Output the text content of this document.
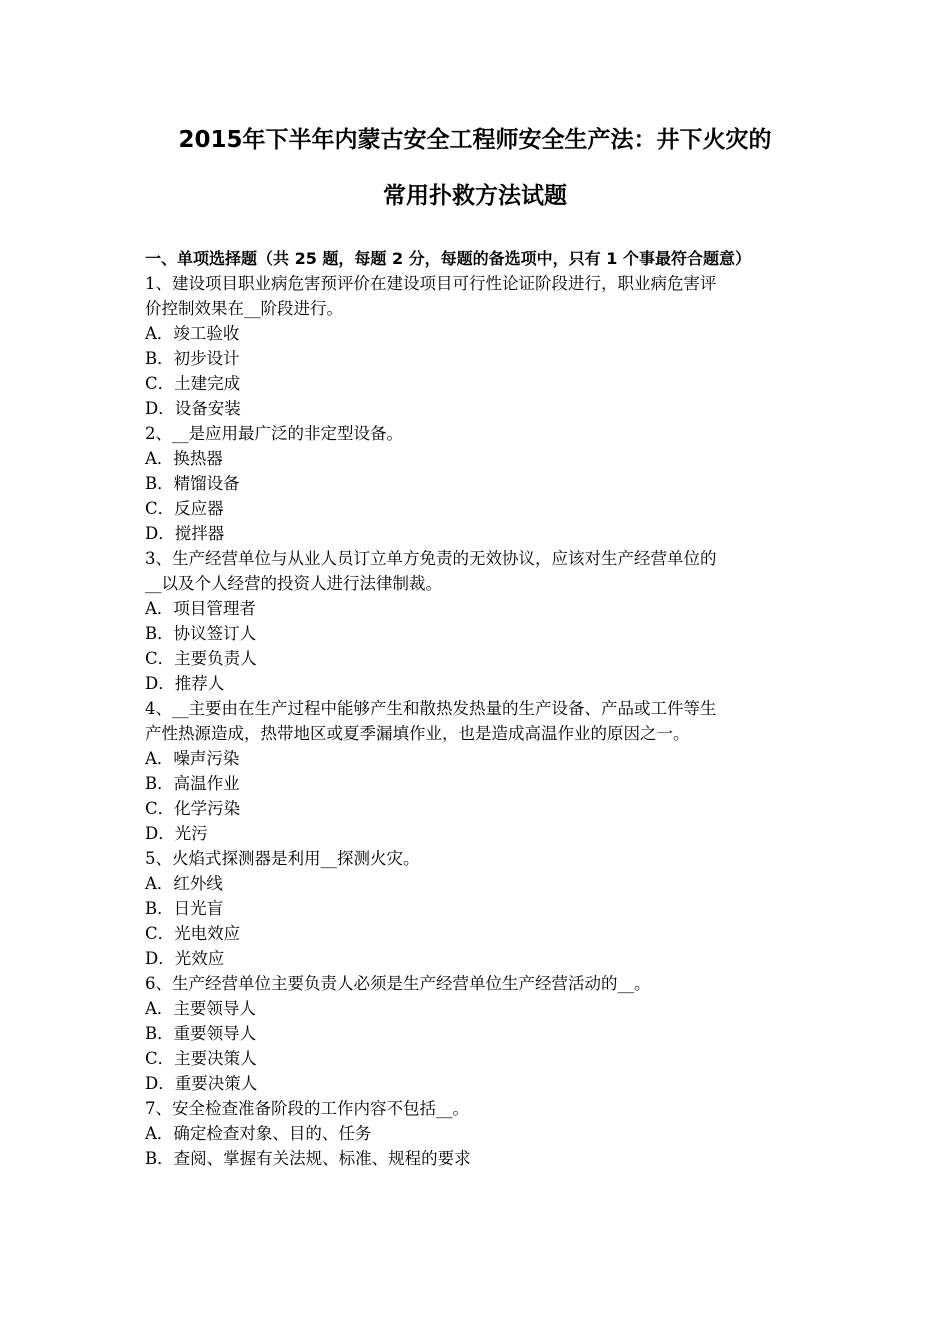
2015年下半年内蒙古安全工程师安全生产法：井下火灾的
常用扑救方法试题
一、单项选择题（共 25 题，每题 2 分，每题的备选项中，只有 1 个事最符合题意）
1、建设项目职业病危害预评价在建设项目可行性论证阶段进行，职业病危害评
价控制效果在__阶段进行。
A．竣工验收
B．初步设计
C．土建完成
D．设备安装
2、__是应用最广泛的非定型设备。
A．换热器
B．精馏设备
C．反应器
D．搅拌器
3、生产经营单位与从业人员订立单方免责的无效协议，应该对生产经营单位的
__以及个人经营的投资人进行法律制裁。
A．项目管理者
B．协议签订人
C．主要负责人
D．推荐人
4、__主要由在生产过程中能够产生和散热发热量的生产设备、产品或工件等生
产性热源造成，热带地区或夏季漏填作业，也是造成高温作业的原因之一。
A．噪声污染
B．高温作业
C．化学污染
D．光污
5、火焰式探测器是利用__探测火灾。
A．红外线
B．日光盲
C．光电效应
D．光效应
6、生产经营单位主要负责人必须是生产经营单位生产经营活动的__。
A．主要领导人
B．重要领导人
C．主要决策人
D．重要决策人
7、安全检查准备阶段的工作内容不包括__。
A．确定检查对象、目的、任务
B．查阅、掌握有关法规、标准、规程的要求
